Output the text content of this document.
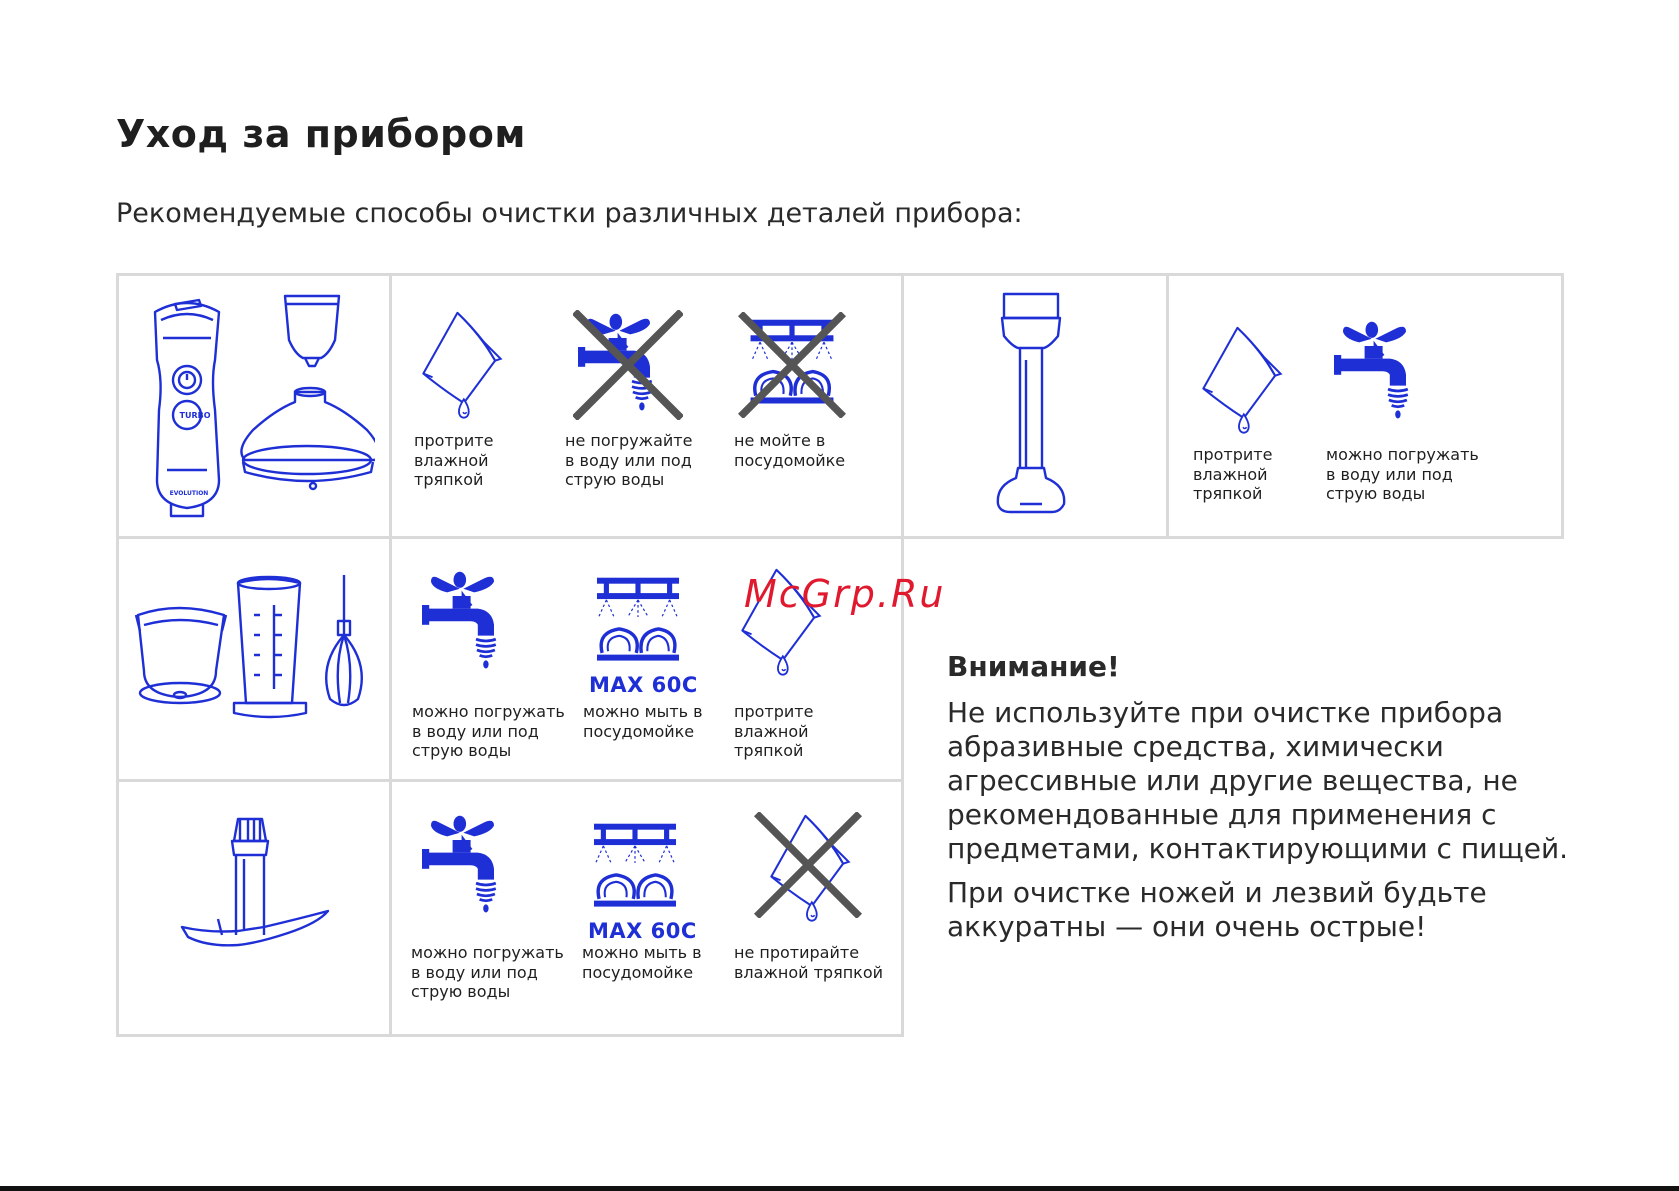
Уход за прибором

Рекомендуемые способы очистки различных деталей прибора:

TURBO
EVOLUTION
протрите
влажной
тряпкой
не погружайте
в воду или под
струю воды
не мойте в
посудомойке	протрите
влажной
тряпкой
можно погружать
в воду или под
струю воды
можно погружать
в воду или под
струю воды
MAX 60C
можно мыть в
посудомойке
протрите
влажной
тряпкой
можно погружать
в воду или под
струю воды
MAX 60C
можно мыть в
посудомойке
не протирайте
влажной тряпкой
McGrp.Ru
Внимание!
Не используйте при очистке прибора абразивные средства, химически агрессивные или другие вещества, не рекомендованные для применения с предметами, контактирующими с пищей.
При очистке ножей и лезвий будьте аккуратны — они очень острые!
